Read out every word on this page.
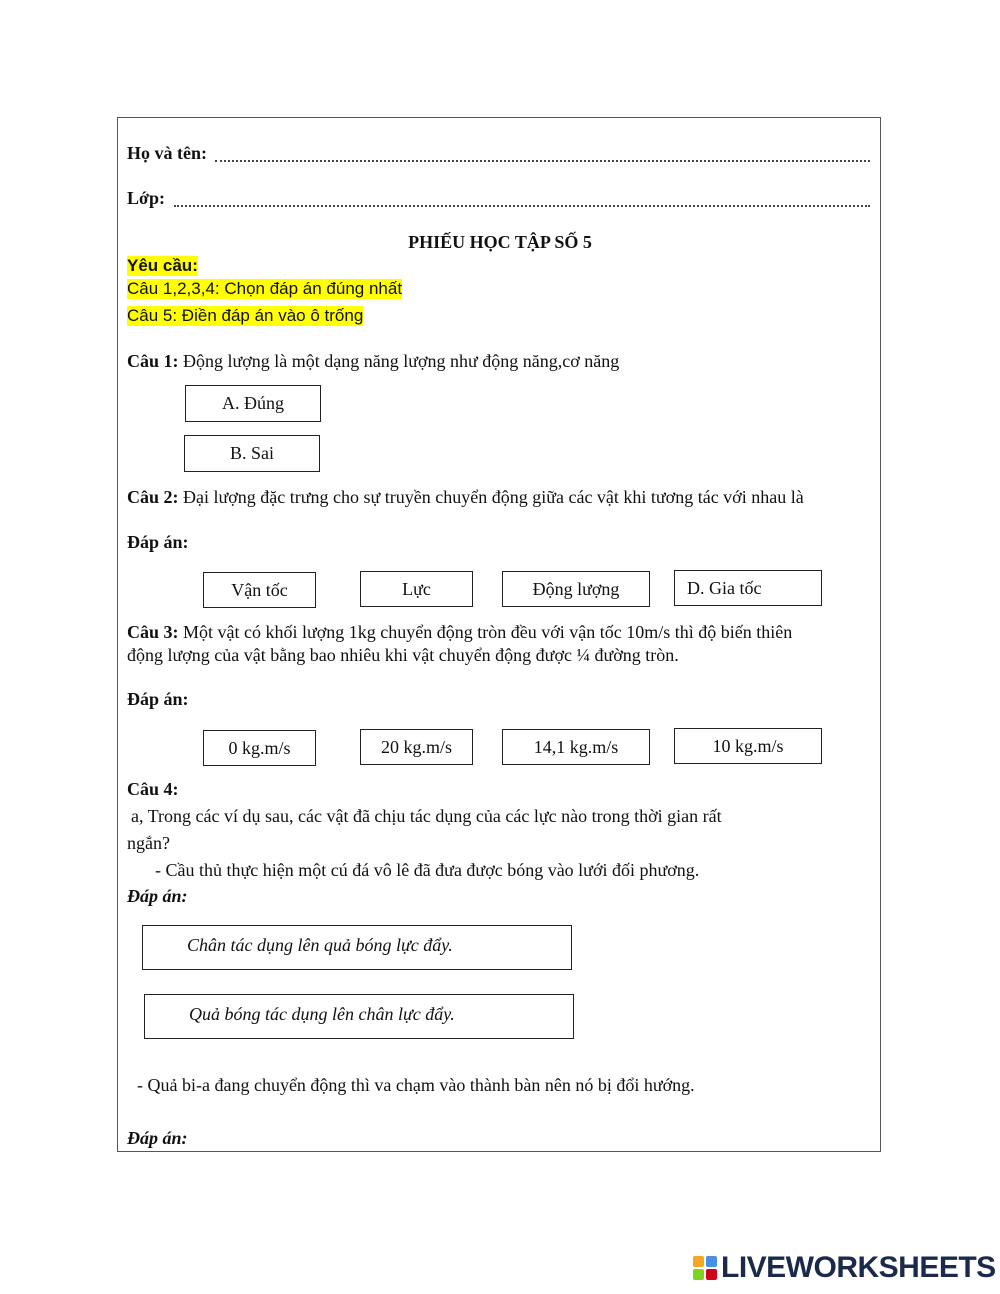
Họ và tên:
Lớp:
PHIẾU HỌC TẬP SỐ 5
Yêu cầu:
Câu 1,2,3,4: Chọn đáp án đúng nhất
Câu 5: Điền đáp án vào ô trống
Câu 1: Động lượng là một dạng năng lượng như động năng,cơ năng
A. Đúng
B. Sai
Câu 2: Đại lượng đặc trưng cho sự truyền chuyển động giữa các vật khi tương tác với nhau là
Đáp án:
Vận tốc	Lực	Động lượng	D. Gia tốc
Câu 3: Một vật có khối lượng 1kg chuyển động tròn đều với vận tốc 10m/s thì độ biến thiên
động lượng của vật bằng bao nhiêu khi vật chuyển động được ¼ đường tròn.
Đáp án:
0 kg.m/s	20 kg.m/s	14,1 kg.m/s	10 kg.m/s
Câu 4:
a, Trong các ví dụ sau, các vật đã chịu tác dụng của các lực nào trong thời gian rất
ngắn?
- Cầu thủ thực hiện một cú đá vô lê đã đưa được bóng vào lưới đối phương.
Đáp án:
Chân tác dụng lên quả bóng lực đẩy.
Quả bóng tác dụng lên chân lực đẩy.
- Quả bi-a đang chuyển động thì va chạm vào thành bàn nên nó bị đổi hướng.
Đáp án:
LIVEWORKSHEETS
